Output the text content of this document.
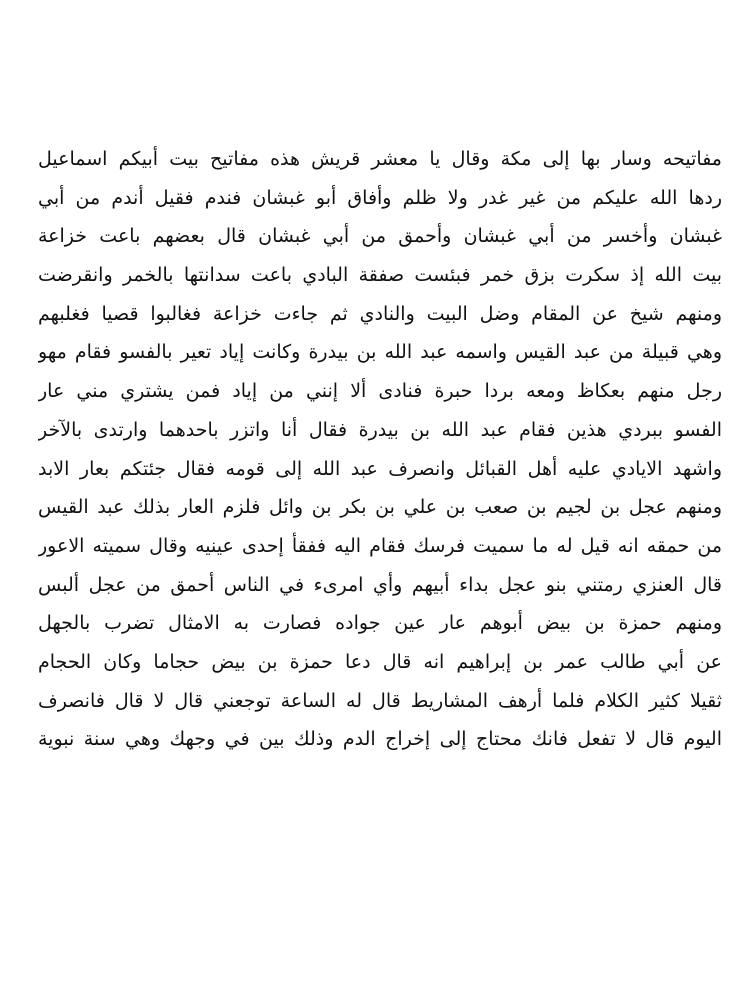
مفاتيحه وسار بها إلى مكة وقال يا معشر قريش هذه مفاتيح بيت أبيكم اسماعيل
ردها الله عليكم من غير غدر ولا ظلم وأفاق أبو غبشان فندم فقيل أندم من أبي
غبشان وأخسر من أبي غبشان وأحمق من أبي غبشان قال بعضهم باعت خزاعة
بيت الله إذ سكرت بزق خمر فبئست صفقة البادي باعت سدانتها بالخمر وانقرضت
ومنهم شيخ عن المقام وضل البيت والنادي ثم جاءت خزاعة فغالبوا قصيا فغلبهم
وهي قبيلة من عبد القيس واسمه عبد الله بن بيدرة وكانت إياد تعير بالفسو فقام مهو
رجل منهم بعكاظ ومعه بردا حبرة فنادى ألا إنني من إياد فمن يشتري مني عار
الفسو ببردي هذين فقام عبد الله بن بيدرة فقال أنا واتزر باحدهما وارتدى بالآخر
واشهد الايادي عليه أهل القبائل وانصرف عبد الله إلى قومه فقال جئتكم بعار الابد
ومنهم عجل بن لجيم بن صعب بن علي بن بكر بن وائل فلزم العار بذلك عبد القيس
من حمقه انه قيل له ما سميت فرسك فقام اليه ففقأ إحدى عينيه وقال سميته الاعور
قال العنزي رمتني بنو عجل بداء أبيهم وأي امرىء في الناس أحمق من عجل ألبس
ومنهم حمزة بن بيض أبوهم عار عين جواده فصارت به الامثال تضرب بالجهل
عن أبي طالب عمر بن إبراهيم انه قال دعا حمزة بن بيض حجاما وكان الحجام
ثقيلا كثير الكلام فلما أرهف المشاريط قال له الساعة توجعني قال لا قال فانصرف
اليوم قال لا تفعل فانك محتاج إلى إخراج الدم وذلك بين في وجهك وهي سنة نبوية
